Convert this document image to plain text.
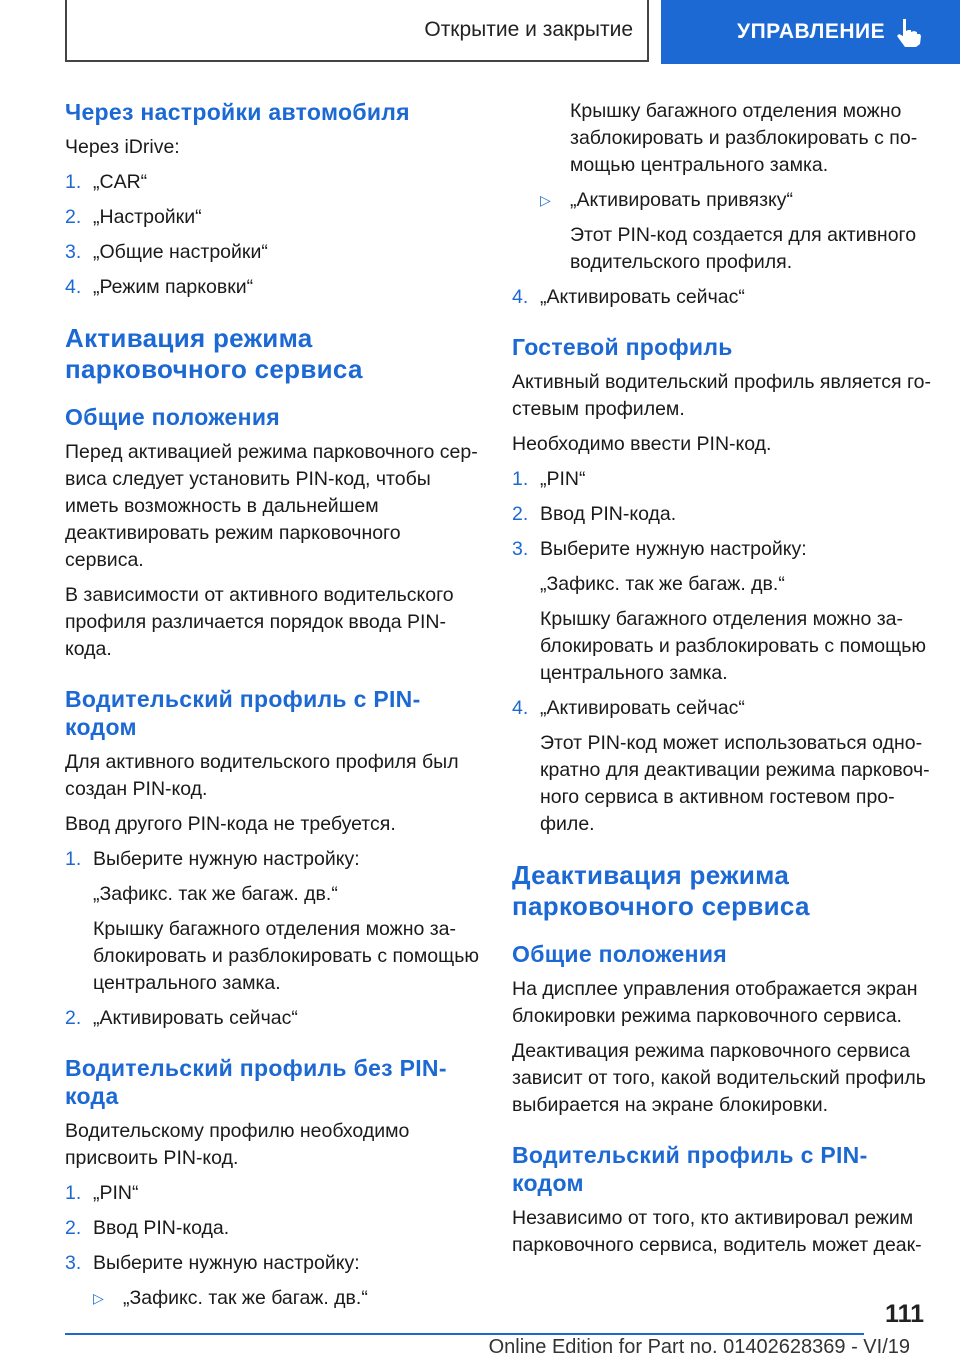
Открытие и закрытие	УПРАВЛЕНИЕ
Через настройки автомобиля

Через iDrive:

1. „CAR“
2. „Настройки“
3. „Общие настройки“
4. „Режим парковки“
Активация режима парковочного сервиса
Общие положения

Перед активацией режима парковочного сервиса следует установить PIN-код, чтобы иметь возможность в дальнейшем деактивировать режим парковочного сервиса.

В зависимости от активного водительского профиля различается порядок ввода PIN-кода.

Водительский профиль с PIN-кодом

Для активного водительского профиля был создан PIN-код.

Ввод другого PIN-кода не требуется.

1. Выберите нужную настройку:

„Зафикс. так же багаж. дв.“

Крышку багажного отделения можно заблокировать и разблокировать с помощью центрального замка.

2. „Активировать сейчас“
Водительский профиль без PIN-кода

Водительскому профилю необходимо присвоить PIN-код.

1. „PIN“
2. Ввод PIN-кода.
3. Выберите нужную настройку:
▷ „Зафикс. так же багаж. дв.“

Крышку багажного отделения можно заблокировать и разблокировать с помощью центрального замка.

▷ „Активировать привязку“

Этот PIN-код создается для активного водительского профиля.

4. „Активировать сейчас“
Гостевой профиль

Активный водительский профиль является гостевым профилем.

Необходимо ввести PIN-код.

1. „PIN“
2. Ввод PIN-кода.
3. Выберите нужную настройку:

„Зафикс. так же багаж. дв.“

Крышку багажного отделения можно заблокировать и разблокировать с помощью центрального замка.

4. „Активировать сейчас“

Этот PIN-код может использоваться однократно для деактивации режима парковочного сервиса в активном гостевом профиле.

Деактивация режима парковочного сервиса
Общие положения

На дисплее управления отображается экран блокировки режима парковочного сервиса.

Деактивация режима парковочного сервиса зависит от того, какой водительский профиль выбирается на экране блокировки.

Водительский профиль с PIN-кодом

Независимо от того, кто активировал режим парковочного сервиса, водитель может деак-

111
Online Edition for Part no. 01402628369 - VI/19
